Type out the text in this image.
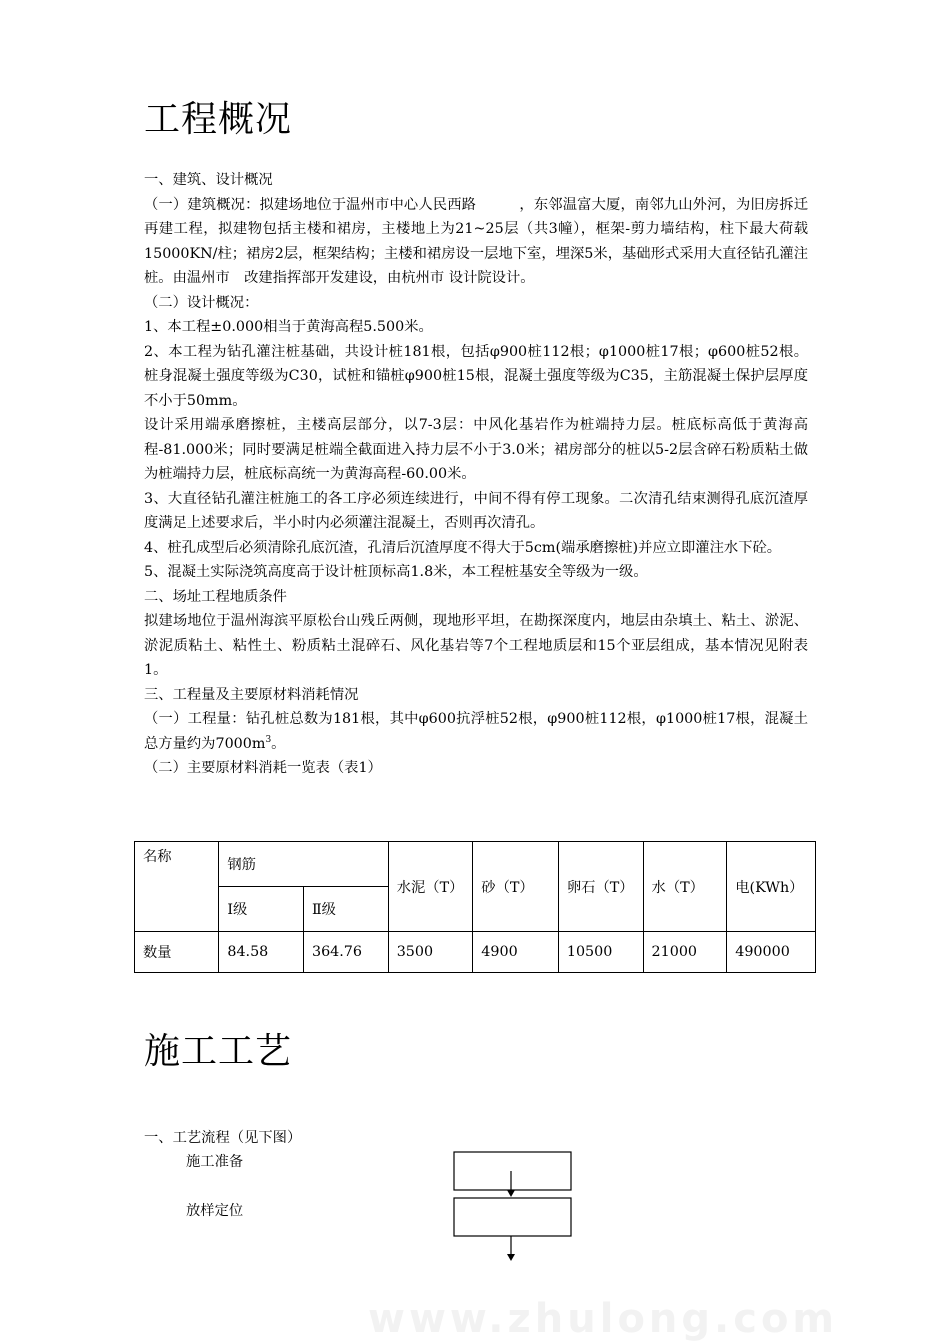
工程概况

一、建筑、设计概况

（一）建筑概况：拟建场地位于温州市中心人民西路　　　，东邻温富大厦，南邻九山外河，为旧房拆迁再建工程，拟建物包括主楼和裙房，主楼地上为21~25层（共3幢），框架-剪力墙结构，柱下最大荷载15000KN/柱；裙房2层，框架结构；主楼和裙房设一层地下室，埋深5米，基础形式采用大直径钻孔灌注桩。由温州市　改建指挥部开发建设，由杭州市 设计院设计。

（二）设计概况：

1、本工程±0.000相当于黄海高程5.500米。

2、本工程为钻孔灌注桩基础，共设计桩181根，包括φ900桩112根；φ1000桩17根；φ600桩52根。桩身混凝土强度等级为C30，试桩和锚桩φ900桩15根，混凝土强度等级为C35，主筋混凝土保护层厚度不小于50mm。

设计采用端承磨擦桩，主楼高层部分，以7-3层：中风化基岩作为桩端持力层。桩底标高低于黄海高程-81.000米；同时要满足桩端全截面进入持力层不小于3.0米；裙房部分的桩以5-2层含碎石粉质粘土做为桩端持力层，桩底标高统一为黄海高程-60.00米。

3、大直径钻孔灌注桩施工的各工序必须连续进行，中间不得有停工现象。二次清孔结束测得孔底沉渣厚度满足上述要求后，半小时内必须灌注混凝土，否则再次清孔。

4、桩孔成型后必须清除孔底沉渣，孔清后沉渣厚度不得大于5cm(端承磨擦桩)并应立即灌注水下砼。

5、混凝土实际浇筑高度高于设计桩顶标高1.8米，本工程桩基安全等级为一级。

二、场址工程地质条件

拟建场地位于温州海滨平原松台山残丘两侧，现地形平坦，在勘探深度内，地层由杂填土、粘土、淤泥、淤泥质粘土、粘性土、粉质粘土混碎石、风化基岩等7个工程地质层和15个亚层组成，基本情况见附表1。

三、工程量及主要原材料消耗情况

（一）工程量：钻孔桩总数为181根，其中φ600抗浮桩52根，φ900桩112根，φ1000桩17根，混凝土总方量约为$7000m^3$。

（二）主要原材料消耗一览表（表1）

名称	钢筋		水泥（T）	砂（T）	卵石（T）	水（T）	电(KWh）
	Ⅰ级	Ⅱ级					
数量	84.58	364.76	3500	4900	10500	21000	490000
施工工艺
一、工艺流程（见下图）
施工准备
放样定位
www.zhulong.com
